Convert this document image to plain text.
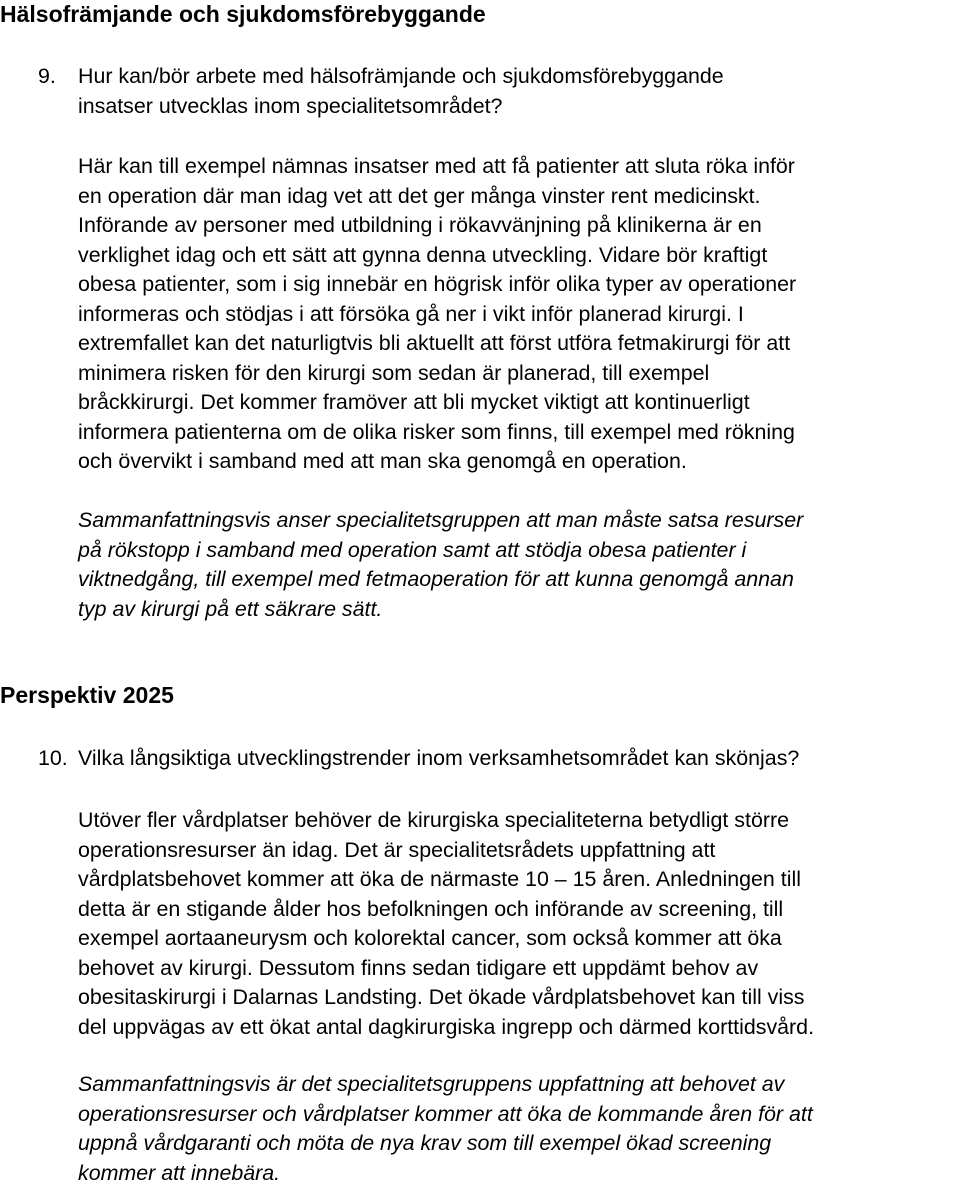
Hälsofrämjande och sjukdomsförebyggande
9. Hur kan/bör arbete med hälsofrämjande och sjukdomsförebyggande
insatser utvecklas inom specialitetsområdet?
Här kan till exempel nämnas insatser med att få patienter att sluta röka inför
en operation där man idag vet att det ger många vinster rent medicinskt.
Införande av personer med utbildning i rökavvänjning på klinikerna är en
verklighet idag och ett sätt att gynna denna utveckling. Vidare bör kraftigt
obesa patienter, som i sig innebär en högrisk inför olika typer av operationer
informeras och stödjas i att försöka gå ner i vikt inför planerad kirurgi. I
extremfallet kan det naturligtvis bli aktuellt att först utföra fetmakirurgi för att
minimera risken för den kirurgi som sedan är planerad, till exempel
bråckkirurgi. Det kommer framöver att bli mycket viktigt att kontinuerligt
informera patienterna om de olika risker som finns, till exempel med rökning
och övervikt i samband med att man ska genomgå en operation.
Sammanfattningsvis anser specialitetsgruppen att man måste satsa resurser
på rökstopp i samband med operation samt att stödja obesa patienter i
viktnedgång, till exempel med fetmaoperation för att kunna genomgå annan
typ av kirurgi på ett säkrare sätt.
Perspektiv 2025
10. Vilka långsiktiga utvecklingstrender inom verksamhetsområdet kan skönjas?
Utöver fler vårdplatser behöver de kirurgiska specialiteterna betydligt större
operationsresurser än idag. Det är specialitetsrådets uppfattning att
vårdplatsbehovet kommer att öka de närmaste 10 – 15 åren. Anledningen till
detta är en stigande ålder hos befolkningen och införande av screening, till
exempel aortaaneurysm och kolorektal cancer, som också kommer att öka
behovet av kirurgi. Dessutom finns sedan tidigare ett uppdämt behov av
obesitaskirurgi i Dalarnas Landsting. Det ökade vårdplatsbehovet kan till viss
del uppvägas av ett ökat antal dagkirurgiska ingrepp och därmed korttidsvård.
Sammanfattningsvis är det specialitetsgruppens uppfattning att behovet av
operationsresurser och vårdplatser kommer att öka de kommande åren för att
uppnå vårdgaranti och möta de nya krav som till exempel ökad screening
kommer att innebära.
